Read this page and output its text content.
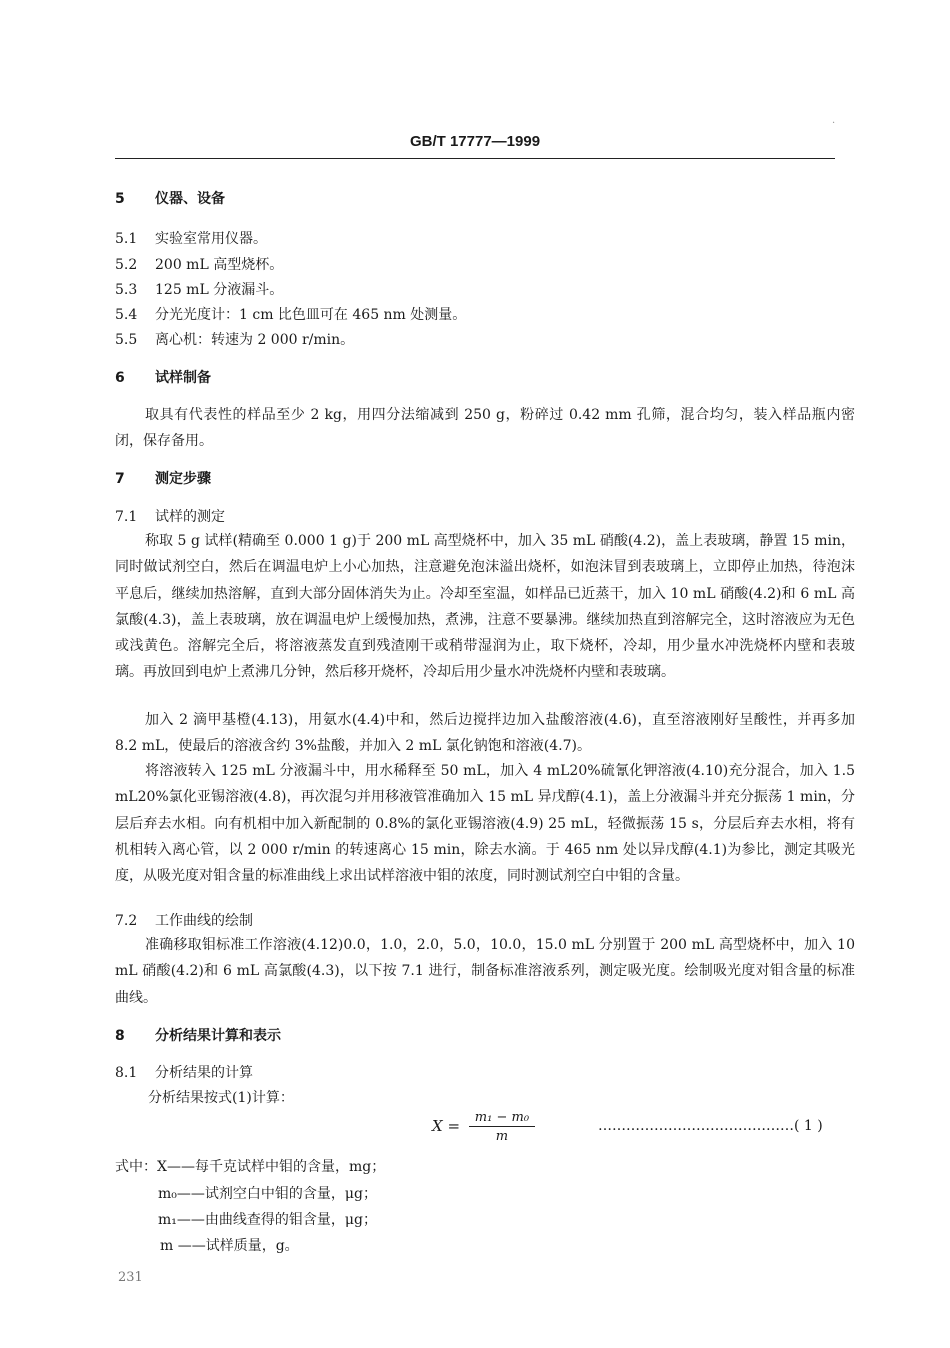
·
GB/T 17777—1999
5 仪器、设备
5.1 实验室常用仪器。
5.2 200 mL 高型烧杯。
5.3 125 mL 分液漏斗。
5.4 分光光度计：1 cm 比色皿可在 465 nm 处测量。
5.5 离心机：转速为 2 000 r/min。
6 试样制备
取具有代表性的样品至少 2 kg，用四分法缩减到 250 g，粉碎过 0.42 mm 孔筛，混合均匀，装入样品瓶内密闭，保存备用。
7 测定步骤
7.1 试样的测定
称取 5 g 试样(精确至 0.000 1 g)于 200 mL 高型烧杯中，加入 35 mL 硝酸(4.2)，盖上表玻璃，静置 15 min，同时做试剂空白，然后在调温电炉上小心加热，注意避免泡沫溢出烧杯，如泡沫冒到表玻璃上，立即停止加热，待泡沫平息后，继续加热溶解，直到大部分固体消失为止。冷却至室温，如样品已近蒸干，加入 10 mL 硝酸(4.2)和 6 mL 高氯酸(4.3)，盖上表玻璃，放在调温电炉上缓慢加热，煮沸，注意不要暴沸。继续加热直到溶解完全，这时溶液应为无色或浅黄色。溶解完全后，将溶液蒸发直到残渣刚干或稍带湿润为止，取下烧杯，冷却，用少量水冲洗烧杯内壁和表玻璃。再放回到电炉上煮沸几分钟，然后移开烧杯，冷却后用少量水冲洗烧杯内壁和表玻璃。
加入 2 滴甲基橙(4.13)，用氨水(4.4)中和，然后边搅拌边加入盐酸溶液(4.6)，直至溶液刚好呈酸性，并再多加 8.2 mL，使最后的溶液含约 3%盐酸，并加入 2 mL 氯化钠饱和溶液(4.7)。
将溶液转入 125 mL 分液漏斗中，用水稀释至 50 mL，加入 4 mL20%硫氰化钾溶液(4.10)充分混合，加入 1.5 mL20%氯化亚锡溶液(4.8)，再次混匀并用移液管准确加入 15 mL 异戊醇(4.1)，盖上分液漏斗并充分振荡 1 min，分层后弃去水相。向有机相中加入新配制的 0.8%的氯化亚锡溶液(4.9) 25 mL，轻微振荡 15 s，分层后弃去水相，将有机相转入离心管，以 2 000 r/min 的转速离心 15 min，除去水滴。于 465 nm 处以异戊醇(4.1)为参比，测定其吸光度，从吸光度对钼含量的标准曲线上求出试样溶液中钼的浓度，同时测试剂空白中钼的含量。
7.2 工作曲线的绘制
准确移取钼标准工作溶液(4.12)0.0，1.0，2.0，5.0，10.0，15.0 mL 分别置于 200 mL 高型烧杯中，加入 10 mL 硝酸(4.2)和 6 mL 高氯酸(4.3)，以下按 7.1 进行，制备标准溶液系列，测定吸光度。绘制吸光度对钼含量的标准曲线。
8 分析结果计算和表示
8.1 分析结果的计算
分析结果按式(1)计算：
$X = \frac{\text{m₁ − m₀}}{m}$	……………………………………( 1 )
式中：X——每千克试样中钼的含量，mg；
m₀——试剂空白中钼的含量，μg；
m₁——由曲线查得的钼含量，μg；
m ——试样质量，g。
231
